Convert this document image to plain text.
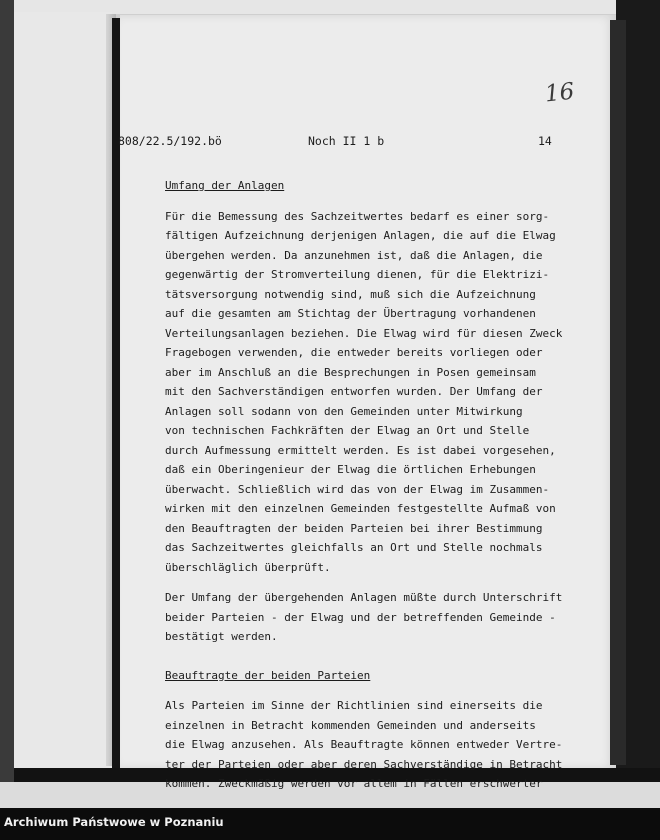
16
808/22.5/192.bö	Noch II 1 b	14
Umfang der Anlagen
Für die Bemessung des Sachzeitwertes bedarf es einer sorg-
fältigen Aufzeichnung derjenigen Anlagen, die auf die Elwag
übergehen werden. Da anzunehmen ist, daß die Anlagen, die
gegenwärtig der Stromverteilung dienen, für die Elektrizi-
tätsversorgung notwendig sind, muß sich die Aufzeichnung
auf die gesamten am Stichtag der Übertragung vorhandenen
Verteilungsanlagen beziehen. Die Elwag wird für diesen Zweck
Fragebogen verwenden, die entweder bereits vorliegen oder
aber im Anschluß an die Besprechungen in Posen gemeinsam
mit den Sachverständigen entworfen wurden. Der Umfang der
Anlagen soll sodann von den Gemeinden unter Mitwirkung
von technischen Fachkräften der Elwag an Ort und Stelle
durch Aufmessung ermittelt werden. Es ist dabei vorgesehen,
daß ein Oberingenieur der Elwag die örtlichen Erhebungen
überwacht. Schließlich wird das von der Elwag im Zusammen-
wirken mit den einzelnen Gemeinden festgestellte Aufmaß von
den Beauftragten der beiden Parteien bei ihrer Bestimmung
das Sachzeitwertes gleichfalls an Ort und Stelle nochmals
überschläglich überprüft.
Der Umfang der übergehenden Anlagen müßte durch Unterschrift
beider Parteien - der Elwag und der betreffenden Gemeinde -
bestätigt werden.
Beauftragte der beiden Parteien
Als Parteien im Sinne der Richtlinien sind einerseits die
einzelnen in Betracht kommenden Gemeinden und anderseits
die Elwag anzusehen. Als Beauftragte können entweder Vertre-
ter der Parteien oder aber deren Sachverständige in Betracht
kommen. Zweckmäßig werden vor allem in Fällen erschwerter
Archiwum Państwowe w Poznaniu
